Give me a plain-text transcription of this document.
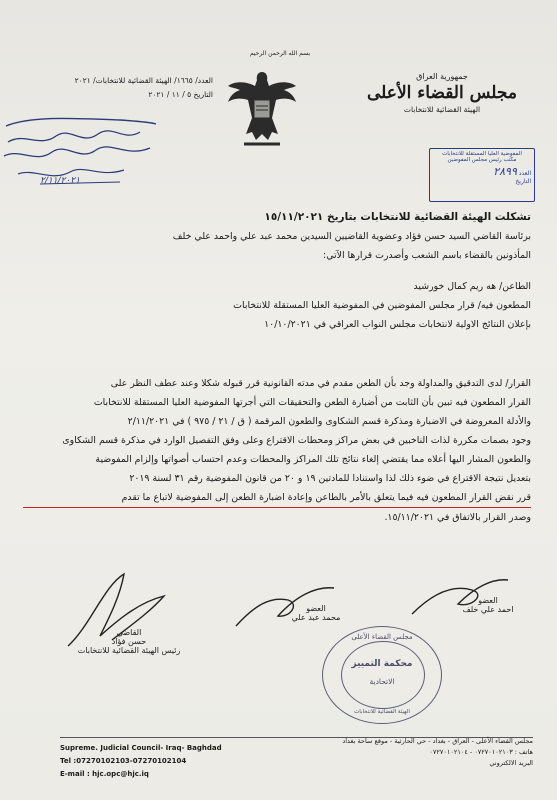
بسم الله الرحمن الرحيم
جمهورية العراق
مجلس القضاء الأعلى
الهيئة القضائية للانتخابات
العدد/ ١٦٦٥/ الهيئة القضائية للانتخابات/ ٢٠٢١
التاريخ ٥ / ١١ / ٢٠٢١
٢/١١/٢٠٢١
المفوضية العليا المستقلة للانتخابات
مكتب رئيس مجلس المفوضين
العدد ٢٨٩٩
التاريخ

تشكلت الهيئة القضائية للانتخابات بتاريخ ١٥/١١/٢٠٢١

برئاسة القاضي السيد حسن فؤاد وعضوية القاضيين السيدين محمد عبد علي واحمد علي خلف

المأذونين بالقضاء باسم الشعب وأصدرت قرارها الآتي:

الطاعن/ هه ريم كمال خورشيد

المطعون فيه/ قرار مجلس المفوضين في المفوضية العليا المستقلة للانتخابات

بإعلان النتائج الاولية لانتخابات مجلس النواب العراقي في ١٠/١٠/٢٠٢١

القرار/ لدى التدقيق والمداولة وجد بأن الطعن مقدم في مدته القانونية قرر قبوله شكلا وعند عطف النظر على

القرار المطعون فيه تبين بأن الثابت من أضبارة الطعن والتحقيقات التي أجرتها المفوضية العليا المستقلة للانتخابات

والأدلة المعروضة في الاضبارة ومذكرة قسم الشكاوى والطعون المرقمة ( ق / ٢١ / ٩٧٥ ) في ٢/١١/٢٠٢١

وجود بصمات مكررة لذات الناخبين في بعض مراكز ومحطات الاقتراع وعلى وفق التفصيل الوارد في مذكرة قسم الشكاوى

والطعون المشار اليها أعلاه مما يقتضي إلغاء نتائج تلك المراكز والمحطات وعدم احتساب أصواتها وإلزام المفوضية

بتعديل نتيجة الاقتراع في ضوء ذلك لذا واستنادا للمادتين ١٩ و ٢٠ من قانون المفوضية رقم ٣١ لسنة ٢٠١٩

قرر نقض القرار المطعون فيه فيما يتعلق بالأمر بالطاعن وإعادة اضبارة الطعن إلى المفوضية لاتباع ما تقدم

وصدر القرار بالاتفاق في ١٥/١١/٢٠٢١.

القاضي
حسن فؤاد
رئيس الهيئة القضائية للانتخابات
العضو
محمد عبد علي
العضو
احمد علي خلف
مجلس القضاء الأعلى
محكمة التمييز
الاتحادية
الهيئة القضائية للانتخابات
Supreme. Judicial Council- Iraq- Baghdad
Tel :07270102103-07270102104
E-mail : hjc.opc@hjc.iq
مجلس القضاء الأعلى - العراق - بغداد - حي الحارثية - موقع ساحة بغداد
هاتف : ٠٧٢٧٠١٠٢١٠٣ - ٠٧٢٧٠١٠٢١٠٤
البريد الالكتروني
